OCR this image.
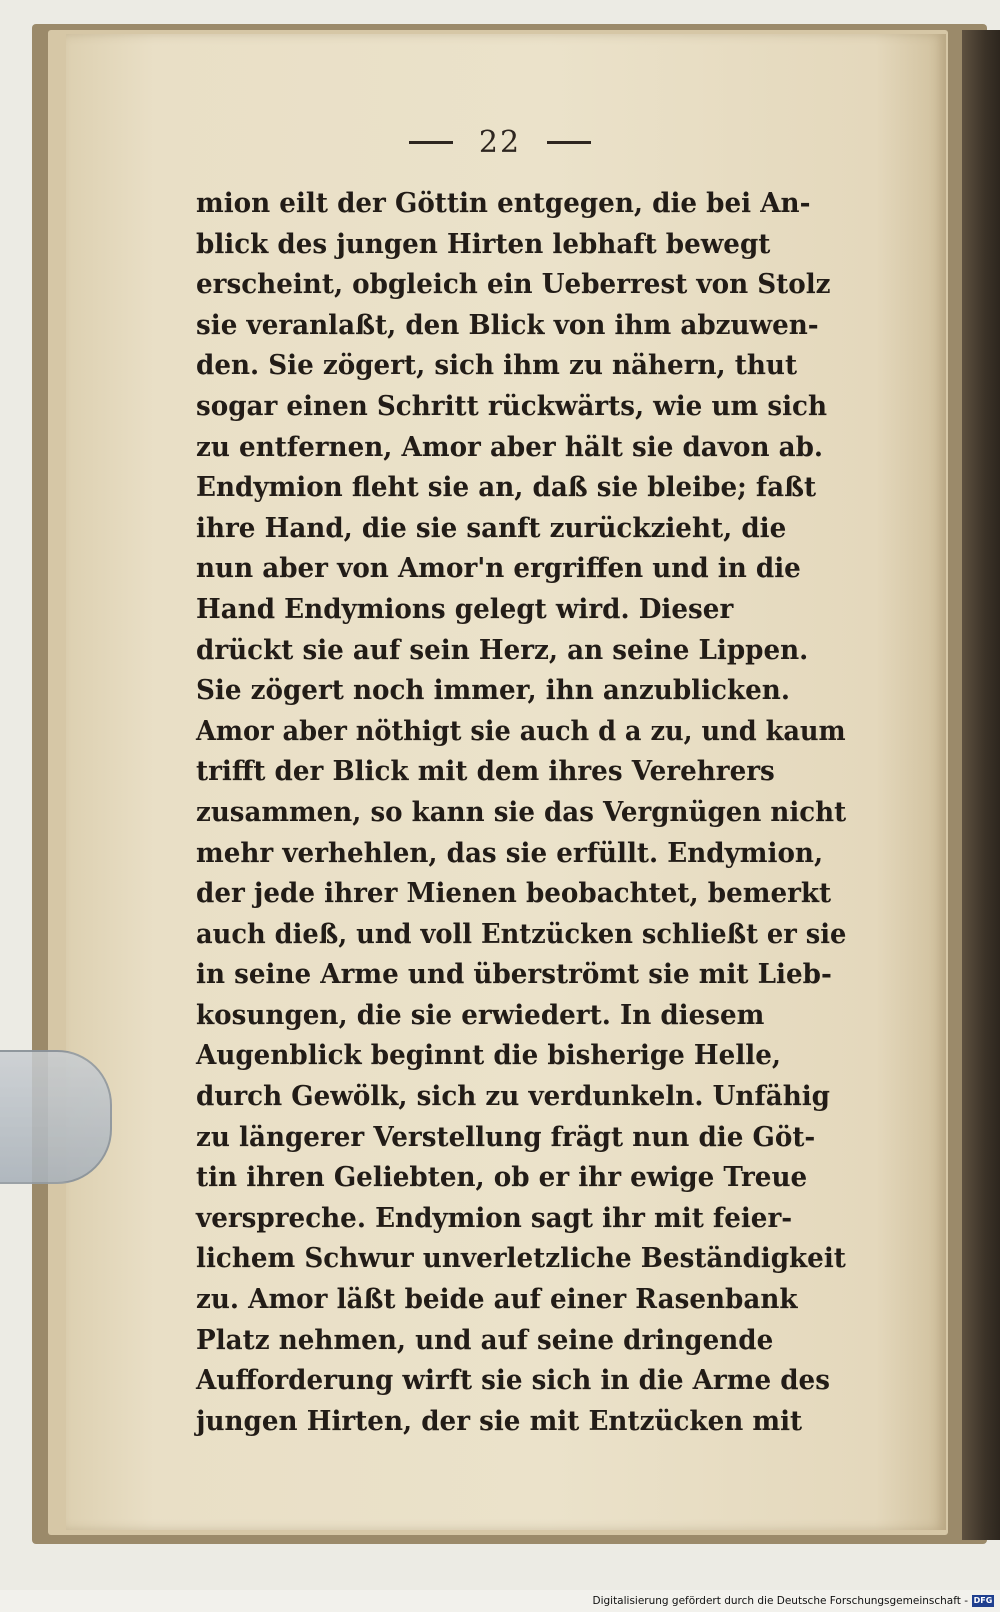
22
mion eilt der Göttin entgegen, die bei An-
blick des jungen Hirten lebhaft bewegt
erscheint, obgleich ein Ueberrest von Stolz
sie veranlaßt, den Blick von ihm abzuwen-
den. Sie zögert, sich ihm zu nähern, thut
sogar einen Schritt rückwärts, wie um sich
zu entfernen, Amor aber hält sie davon ab.
Endymion fleht sie an, daß sie bleibe; faßt
ihre Hand, die sie sanft zurückzieht, die
nun aber von Amor'n ergriffen und in die
Hand Endymions gelegt wird. Dieser
drückt sie auf sein Herz, an seine Lippen.
Sie zögert noch immer, ihn anzublicken.
Amor aber nöthigt sie auch d a zu, und kaum
trifft der Blick mit dem ihres Verehrers
zusammen, so kann sie das Vergnügen nicht
mehr verhehlen, das sie erfüllt. Endymion,
der jede ihrer Mienen beobachtet, bemerkt
auch dieß, und voll Entzücken schließt er sie
in seine Arme und überströmt sie mit Lieb-
kosungen, die sie erwiedert. In diesem
Augenblick beginnt die bisherige Helle,
durch Gewölk, sich zu verdunkeln. Unfähig
zu längerer Verstellung frägt nun die Göt-
tin ihren Geliebten, ob er ihr ewige Treue
verspreche. Endymion sagt ihr mit feier-
lichem Schwur unverletzliche Beständigkeit
zu. Amor läßt beide auf einer Rasenbank
Platz nehmen, und auf seine dringende
Aufforderung wirft sie sich in die Arme des
jungen Hirten, der sie mit Entzücken mit
Digitalisierung gefördert durch die Deutsche Forschungsgemeinschaft - DFG
